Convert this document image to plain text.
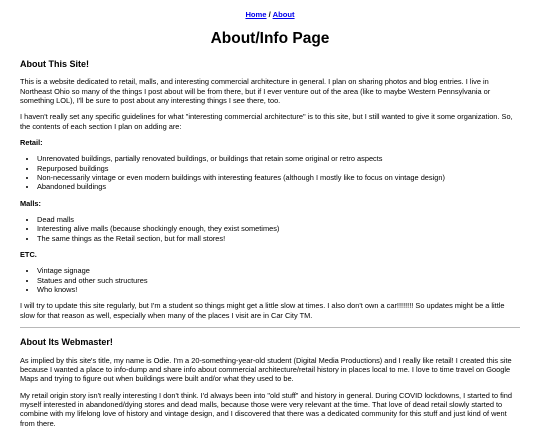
Home / About
About/Info Page
About This Site!

This is a website dedicated to retail, malls, and interesting commercial architecture in general. I plan on sharing photos and blog entries. I live in Northeast Ohio so many of the things I post about will be from there, but if I ever venture out of the area (like to maybe Western Pennsylvania or something LOL), I'll be sure to post about any interesting things I see there, too.

I haven't really set any specific guidelines for what "interesting commercial architecture" is to this site, but I still wanted to give it some organization. So, the contents of each section I plan on adding are:

Retail:
• Unrenovated buildings, partially renovated buildings, or buildings that retain some original or retro aspects
• Repurposed buildings
• Non-necessarily vintage or even modern buildings with interesting features (although I mostly like to focus on vintage design)
• Abandoned buildings
Malls:
• Dead malls
• Interesting alive malls (because shockingly enough, they exist sometimes)
• The same things as the Retail section, but for mall stores!
ETC.
• Vintage signage
• Statues and other such structures
• Who knows!

I will try to update this site regularly, but I'm a student so things might get a little slow at times. I also don't own a car!!!!!!!! So updates might be a little slow for that reason as well, especially when many of the places I visit are in Car City TM.

About Its Webmaster!

As implied by this site's title, my name is Odie. I'm a 20-something-year-old student (Digital Media Productions) and I really like retail! I created this site because I wanted a place to info-dump and share info about commercial architecture/retail history in places local to me. I love to time travel on Google Maps and trying to figure out when buildings were built and/or what they used to be.

My retail origin story isn't really interesting I don't think. I'd always been into "old stuff" and history in general. During COVID lockdowns, I started to find myself interested in abandoned/dying stores and dead malls, because those were very relevant at the time. That love of dead retail slowly started to combine with my lifelong love of history and vintage design, and I discovered that there was a dedicated community for this stuff and just kind of went from there.
